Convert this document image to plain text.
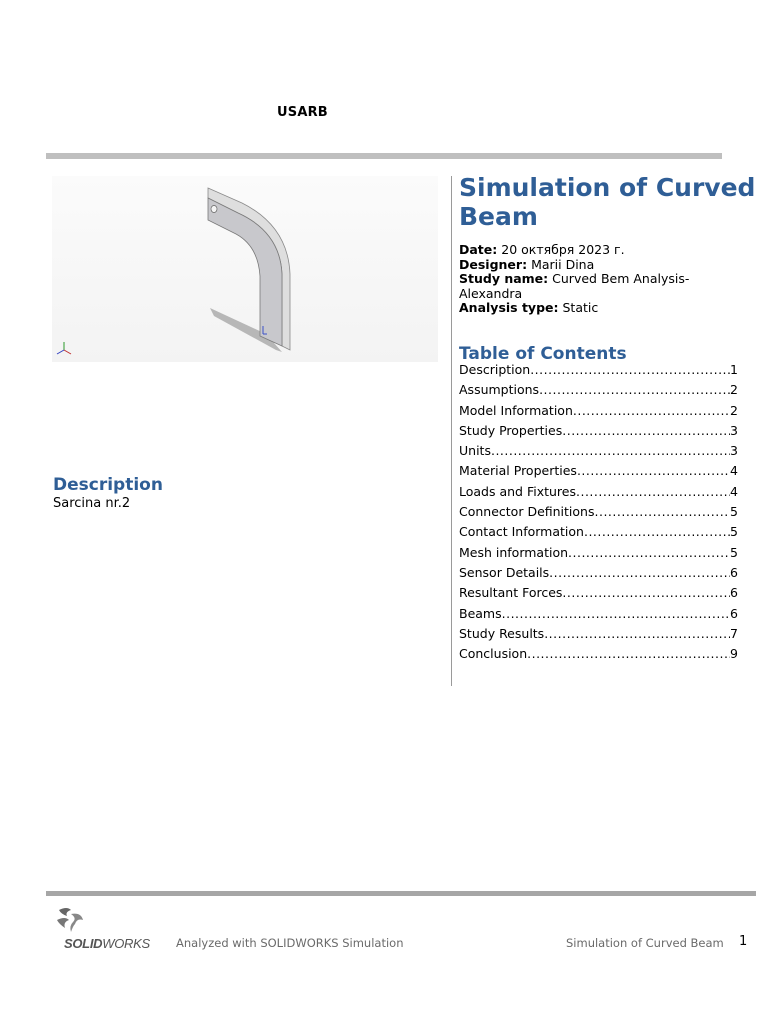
USARB
Simulation of Curved Beam
Date: 20 октября 2023 г.
Designer: Marii Dina
Study name: Curved Bem Analysis-Alexandra
Analysis type: Static
Table of Contents
Description .....	1
Assumptions .....	2
Model Information .....	2
Study Properties .....	3
Units .....	3
Material Properties .....	4
Loads and Fixtures .....	4
Connector Definitions .....	5
Contact Information .....	5
Mesh information .....	5
Sensor Details .....	6
Resultant Forces .....	6
Beams .....	6
Study Results .....	7
Conclusion .....	9
Description
Sarcina nr.2
SOLIDWORKS Analyzed with SOLIDWORKS Simulation	Simulation of Curved Beam 1
